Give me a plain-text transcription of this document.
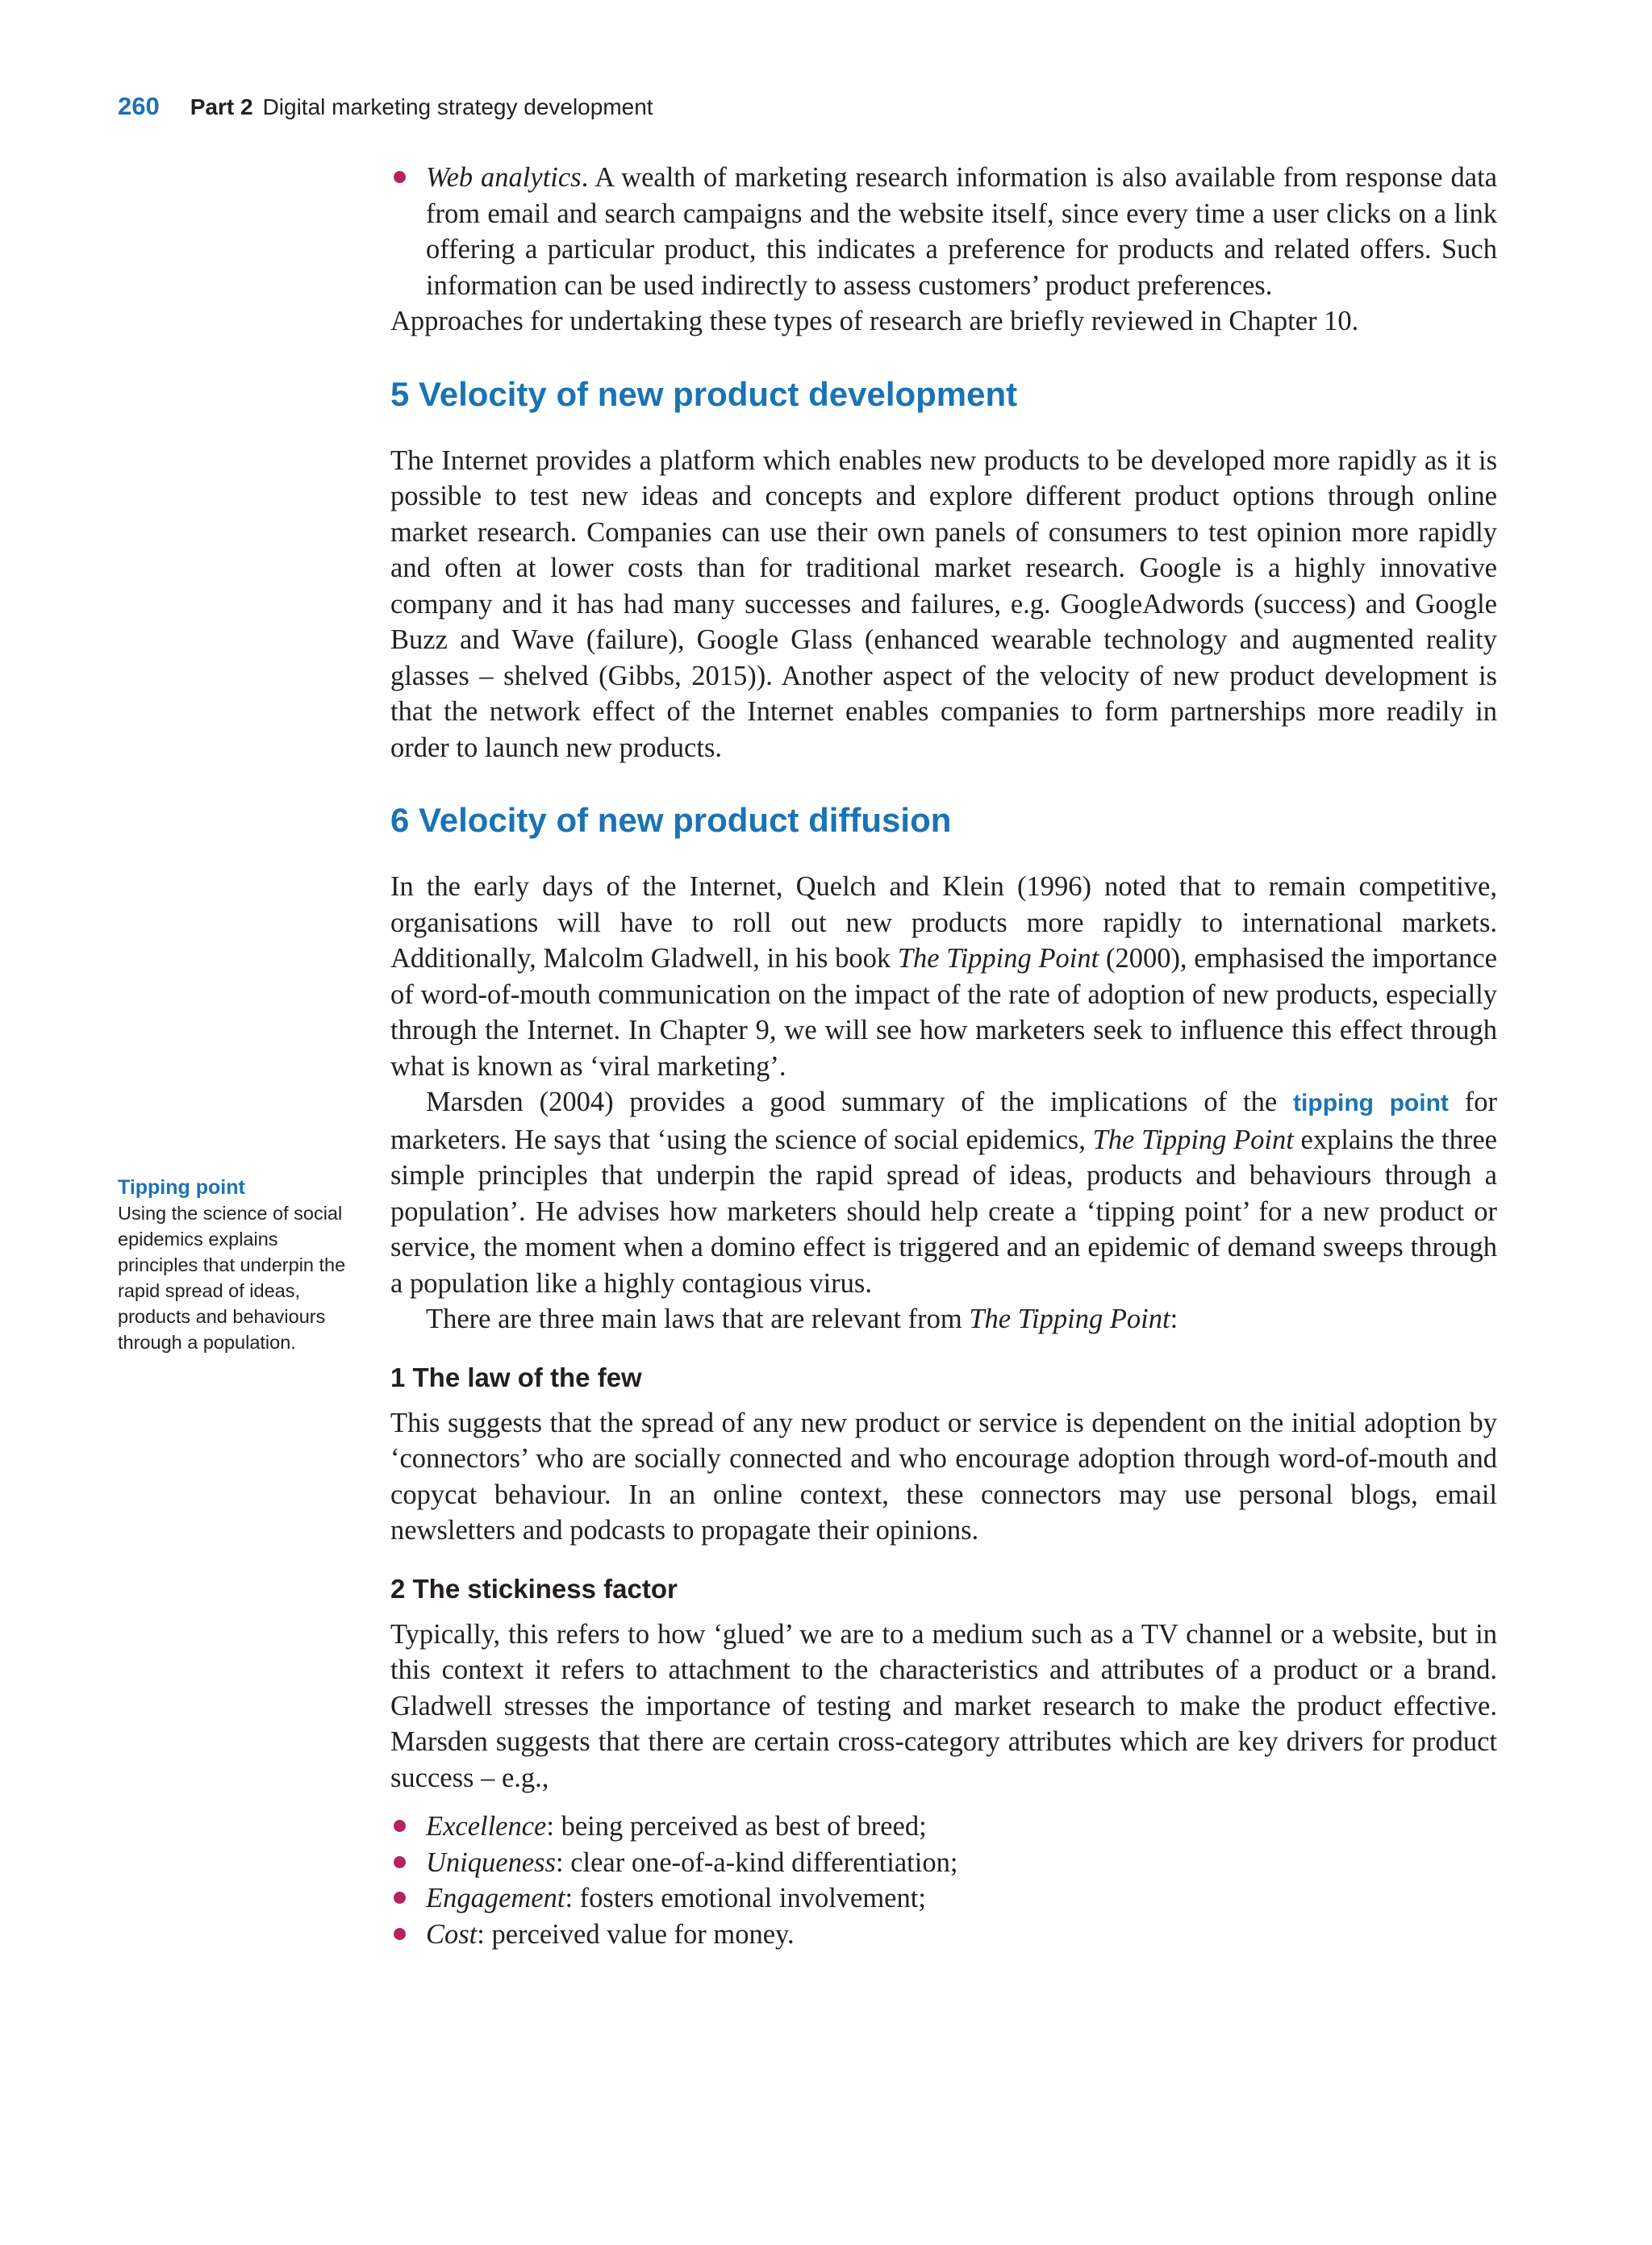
260 Part 2 Digital marketing strategy development
Tipping point
Using the science of social epidemics explains principles that underpin the rapid spread of ideas, products and behaviours through a population.
Web analytics. A wealth of marketing research information is also available from response data from email and search campaigns and the website itself, since every time a user clicks on a link offering a particular product, this indicates a preference for products and related offers. Such information can be used indirectly to assess customers’ product preferences.

Approaches for undertaking these types of research are briefly reviewed in Chapter 10.

5 Velocity of new product development

The Internet provides a platform which enables new products to be developed more rapidly as it is possible to test new ideas and concepts and explore different product options through online market research. Companies can use their own panels of consumers to test opinion more rapidly and often at lower costs than for traditional market research. Google is a highly innovative company and it has had many successes and failures, e.g. GoogleAdwords (success) and Google Buzz and Wave (failure), Google Glass (enhanced wearable technology and augmented reality glasses – shelved (Gibbs, 2015)). Another aspect of the velocity of new product development is that the network effect of the Internet enables companies to form partnerships more readily in order to launch new products.

6 Velocity of new product diffusion

In the early days of the Internet, Quelch and Klein (1996) noted that to remain competitive, organisations will have to roll out new products more rapidly to international markets. Additionally, Malcolm Gladwell, in his book The Tipping Point (2000), emphasised the importance of word-of-mouth communication on the impact of the rate of adoption of new products, especially through the Internet. In Chapter 9, we will see how marketers seek to influence this effect through what is known as ‘viral marketing’.

Marsden (2004) provides a good summary of the implications of the tipping point for marketers. He says that ‘using the science of social epidemics, The Tipping Point explains the three simple principles that underpin the rapid spread of ideas, products and behaviours through a population’. He advises how marketers should help create a ‘tipping point’ for a new product or service, the moment when a domino effect is triggered and an epidemic of demand sweeps through a population like a highly contagious virus.

There are three main laws that are relevant from The Tipping Point:

1 The law of the few

This suggests that the spread of any new product or service is dependent on the initial adoption by ‘connectors’ who are socially connected and who encourage adoption through word-of-mouth and copycat behaviour. In an online context, these connectors may use personal blogs, email newsletters and podcasts to propagate their opinions.

2 The stickiness factor

Typically, this refers to how ‘glued’ we are to a medium such as a TV channel or a website, but in this context it refers to attachment to the characteristics and attributes of a product or a brand. Gladwell stresses the importance of testing and market research to make the product effective. Marsden suggests that there are certain cross-category attributes which are key drivers for product success – e.g.,

Excellence: being perceived as best of breed;
Uniqueness: clear one-of-a-kind differentiation;
Engagement: fosters emotional involvement;
Cost: perceived value for money.
